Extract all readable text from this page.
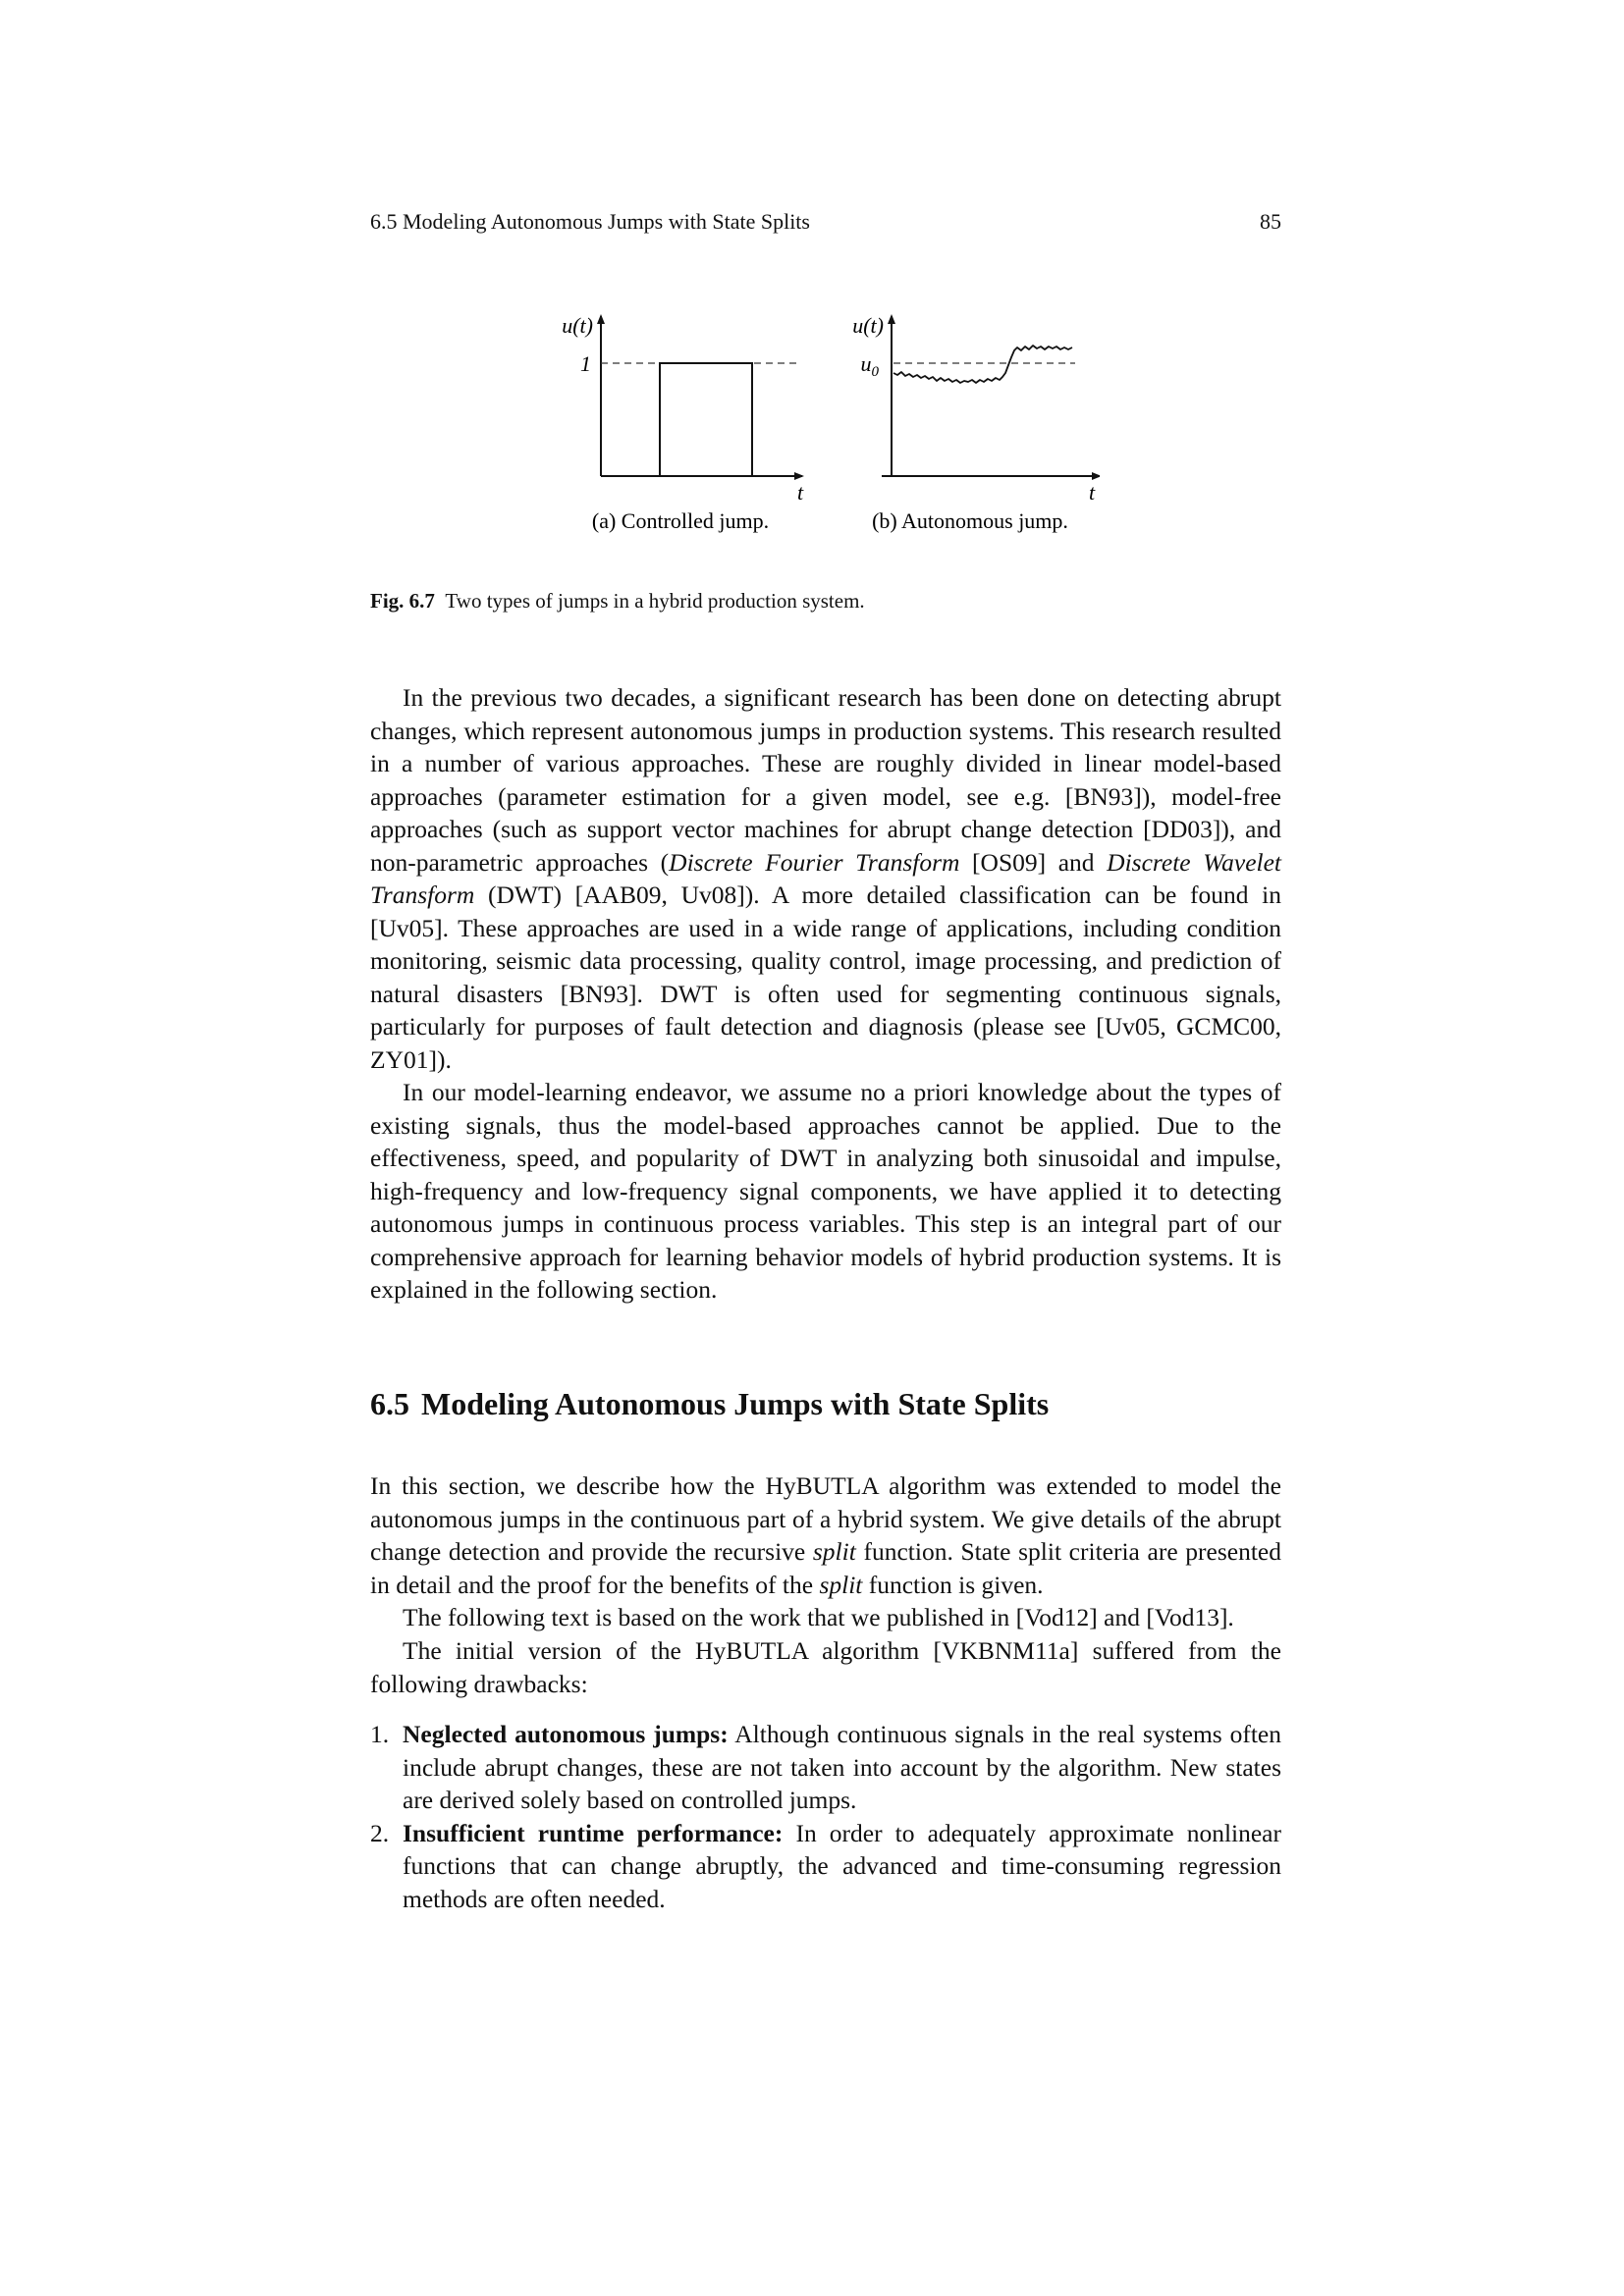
6.5 Modeling Autonomous Jumps with State Splits	85
u(t)
1
t
(a) Controlled jump.
u(t)
$u_0$
t
(b) Autonomous jump.
Fig. 6.7 Two types of jumps in a hybrid production system.

In the previous two decades, a significant research has been done on detecting abrupt changes, which represent autonomous jumps in production systems. This research resulted in a number of various approaches. These are roughly divided in linear model-based approaches (parameter estimation for a given model, see e.g. [BN93]), model-free approaches (such as support vector machines for abrupt change detection [DD03]), and non-parametric approaches (Discrete Fourier Transform [OS09] and Discrete Wavelet Transform (DWT) [AAB09, Uv08]). A more detailed classification can be found in [Uv05]. These approaches are used in a wide range of applications, including condition monitoring, seismic data processing, quality control, image processing, and prediction of natural disasters [BN93]. DWT is often used for segmenting continuous signals, particularly for purposes of fault detection and diagnosis (please see [Uv05, GCMC00, ZY01]).

In our model-learning endeavor, we assume no a priori knowledge about the types of existing signals, thus the model-based approaches cannot be applied. Due to the effectiveness, speed, and popularity of DWT in analyzing both sinusoidal and impulse, high-frequency and low-frequency signal components, we have applied it to detecting autonomous jumps in continuous process variables. This step is an integral part of our comprehensive approach for learning behavior models of hybrid production systems. It is explained in the following section.

6.5 Modeling Autonomous Jumps with State Splits

In this section, we describe how the HyBUTLA algorithm was extended to model the autonomous jumps in the continuous part of a hybrid system. We give details of the abrupt change detection and provide the recursive split function. State split criteria are presented in detail and the proof for the benefits of the split function is given.

The following text is based on the work that we published in [Vod12] and [Vod13].

The initial version of the HyBUTLA algorithm [VKBNM11a] suffered from the following drawbacks:

1. Neglected autonomous jumps: Although continuous signals in the real systems often include abrupt changes, these are not taken into account by the algorithm. New states are derived solely based on controlled jumps.
2. Insufficient runtime performance: In order to adequately approximate nonlinear functions that can change abruptly, the advanced and time-consuming regression methods are often needed.
